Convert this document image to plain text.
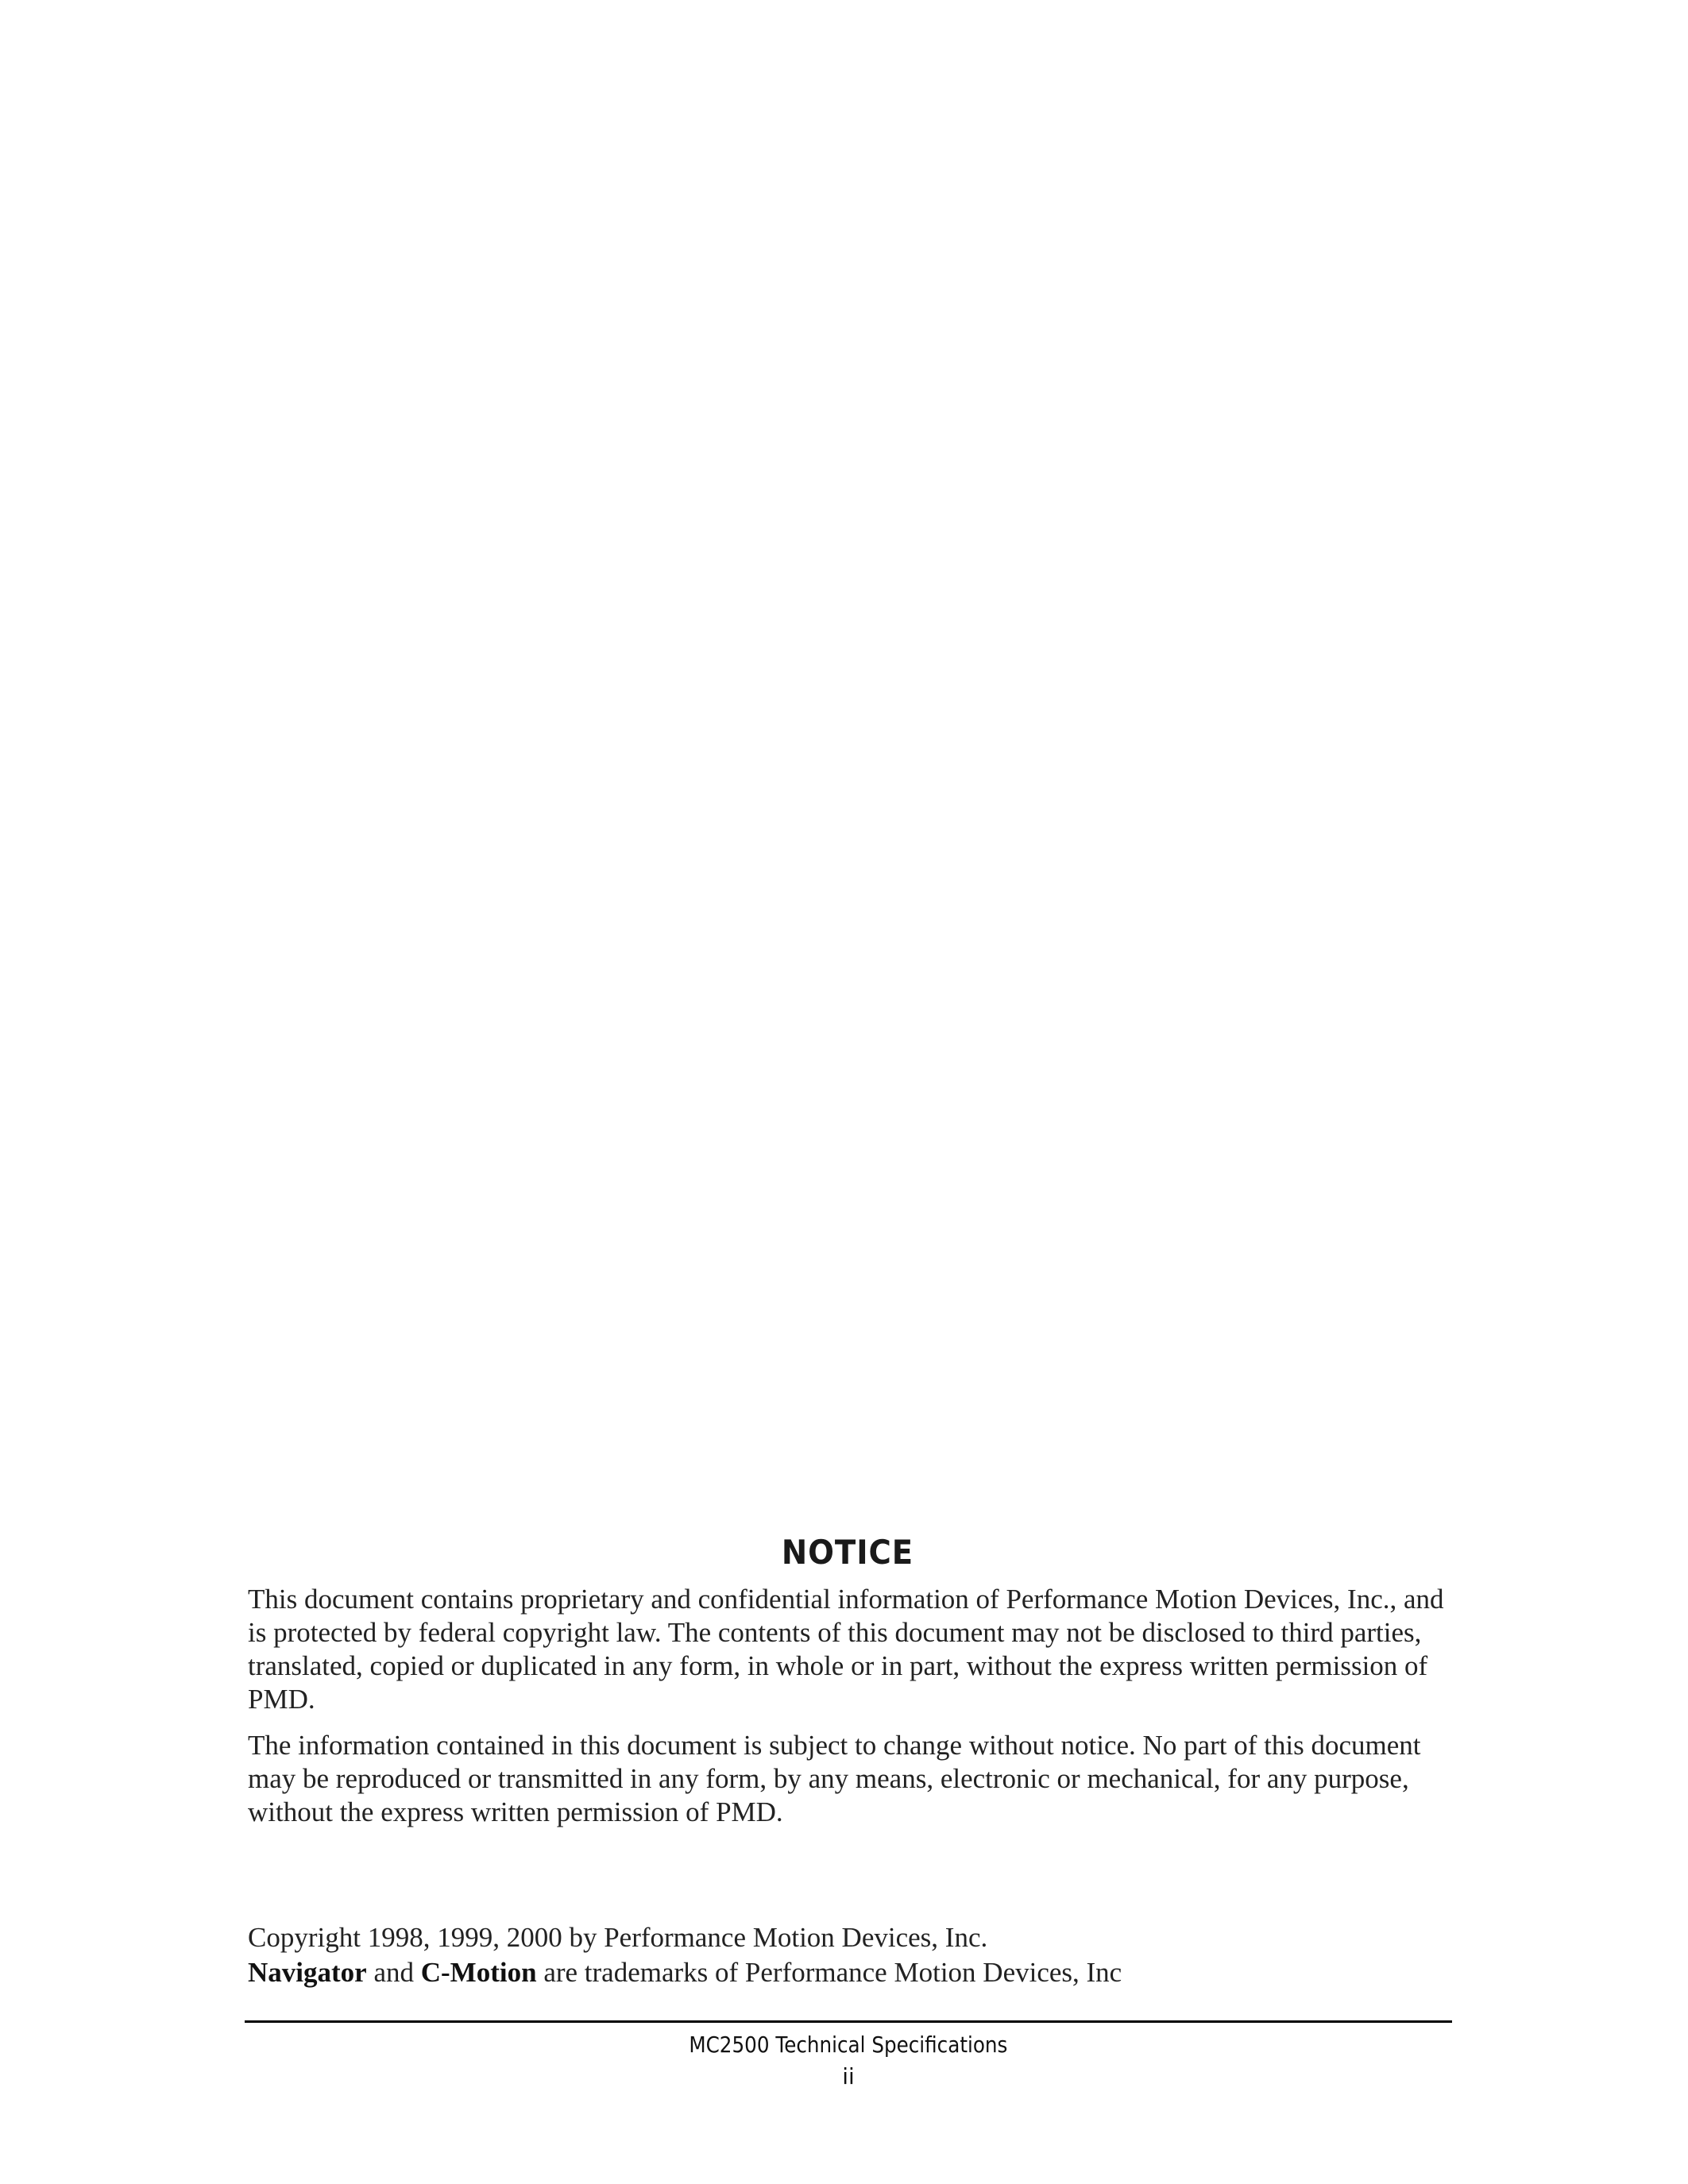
NOTICE

This document contains proprietary and confidential information of Performance Motion Devices, Inc., and is protected by federal copyright law. The contents of this document may not be disclosed to third parties, translated, copied or duplicated in any form, in whole or in part, without the express written permission of PMD.

The information contained in this document is subject to change without notice. No part of this document may be reproduced or transmitted in any form, by any means, electronic or mechanical, for any purpose, without the express written permission of PMD.

Copyright 1998, 1999, 2000 by Performance Motion Devices, Inc.

Navigator and C-Motion are trademarks of Performance Motion Devices, Inc

MC2500 Technical Specifications
ii
